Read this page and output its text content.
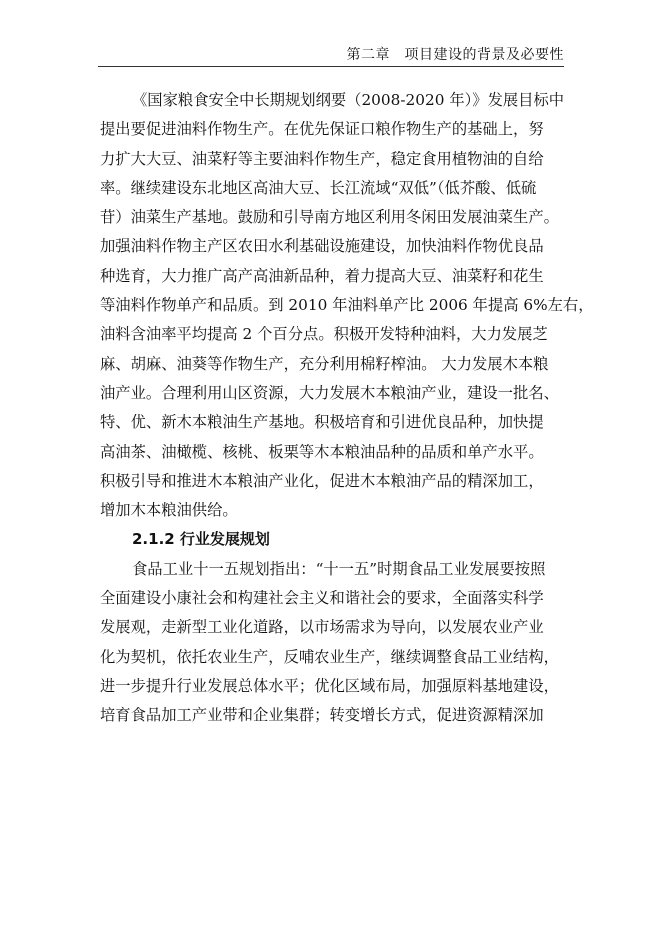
第二章　项目建设的背景及必要性
《国家粮食安全中长期规划纲要（2008-2020 年）》发展目标中
提出要促进油料作物生产。在优先保证口粮作物生产的基础上，努
力扩大大豆、油菜籽等主要油料作物生产，稳定食用植物油的自给
率。继续建设东北地区高油大豆、长江流域“双低”（低芥酸、低硫
苷）油菜生产基地。鼓励和引导南方地区利用冬闲田发展油菜生产。
加强油料作物主产区农田水利基础设施建设，加快油料作物优良品
种选育，大力推广高产高油新品种，着力提高大豆、油菜籽和花生
等油料作物单产和品质。到 2010 年油料单产比 2006 年提高 6%左右，
油料含油率平均提高 2 个百分点。积极开发特种油料，大力发展芝
麻、胡麻、油葵等作物生产，充分利用棉籽榨油。 大力发展木本粮
油产业。合理利用山区资源，大力发展木本粮油产业，建设一批名、
特、优、新木本粮油生产基地。积极培育和引进优良品种，加快提
高油茶、油橄榄、核桃、板栗等木本粮油品种的品质和单产水平。
积极引导和推进木本粮油产业化，促进木本粮油产品的精深加工，
增加木本粮油供给。
2.1.2 行业发展规划
食品工业十一五规划指出：“十一五”时期食品工业发展要按照
全面建设小康社会和构建社会主义和谐社会的要求，全面落实科学
发展观，走新型工业化道路，以市场需求为导向，以发展农业产业
化为契机，依托农业生产，反哺农业生产，继续调整食品工业结构，
进一步提升行业发展总体水平；优化区域布局，加强原料基地建设，
培育食品加工产业带和企业集群；转变增长方式，促进资源精深加
